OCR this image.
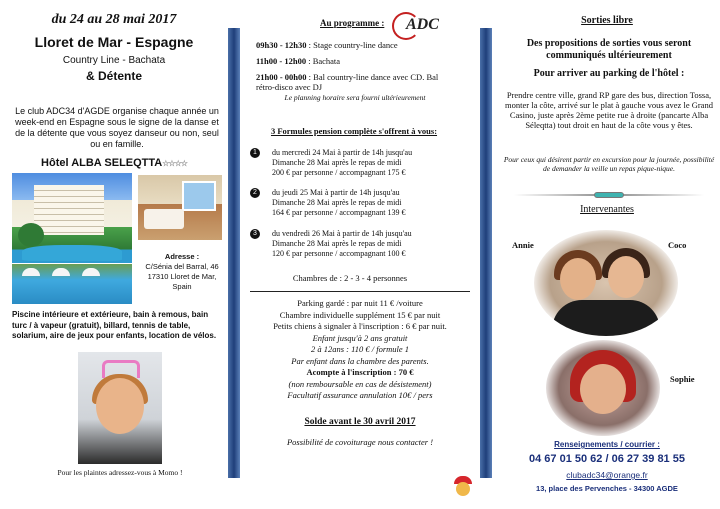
du 24 au 28 mai 2017
Lloret de Mar - Espagne
Country Line - Bachata
& Détente
Le club ADC34 d'AGDE organise chaque année un week-end en Espagne sous le signe de la danse et de la détente que vous soyez danseur ou non, seul ou en famille.
Hôtel ALBA SELEQTTA☆☆☆☆
Adresse :
C/Sénia del Barral, 46
17310 Lloret de Mar,
Spain
Piscine intérieure et extérieure, bain à remous, bain turc / à vapeur (gratuit), billard, tennis de table, solarium, aire de jeux pour enfants, location de vélos.
Pour les plaintes adressez-vous à Momo !
Au programme :	ADC
09h30 - 12h30 : Stage country-line dance
11h00 - 12h00 : Bachata
21h00 - 00h00 : Bal country-line dance avec CD. Bal rétro-disco avec DJ
Le planning horaire sera fourni ultérieurement
3 Formules pension complète s'offrent à vous:
1	du mercredi 24 Mai à partir de 14h jusqu'au
Dimanche 28 Mai après le repas de midi
200 € par personne / accompagnant 175 €
2	du jeudi 25 Mai à partir de 14h jusqu'au
Dimanche 28 Mai après le repas de midi
164 € par personne / accompagnant 139 €
3	du vendredi 26 Mai à partir de 14h jusqu'au
Dimanche 28 Mai après le repas de midi
120 € par personne / accompagnant 100 €
Chambres de : 2 - 3 - 4 personnes
Parking gardé : par nuit 11 € /voiture
Chambre individuelle supplément 15 € par nuit
Petits chiens à signaler à l'inscription : 6 € par nuit.
Enfant jusqu'à 2 ans gratuit
2 à 12ans : 110 € / formule 1
Par enfant dans la chambre des parents.
Acompte à l'inscription : 70 €
(non remboursable en cas de désistement)
Facultatif assurance annulation 10€ / pers
Solde avant le 30 avril 2017
Possibilité de covoiturage nous contacter !
Sorties libre
Des propositions de sorties vous seront communiqués ultérieurement
Pour arriver au parking de l'hôtel :
Prendre centre ville, grand RP gare des bus, direction Tossa, monter la côte, arrivé sur le plat à gauche vous avez le Grand Casino, juste après 2ème petite rue à droite (pancarte Alba Séleqtta) tout droit en haut de la côte vous y êtes.
Pour ceux qui désirent partir en excursion pour la journée, possibilité de demander la veille un repas pique-nique.
Intervenantes
Annie	Coco
Sophie
Renseignements / courrier :
04 67 01 50 62 / 06 27 39 81 55
clubadc34@orange.fr
13, place des Pervenches - 34300 AGDE
